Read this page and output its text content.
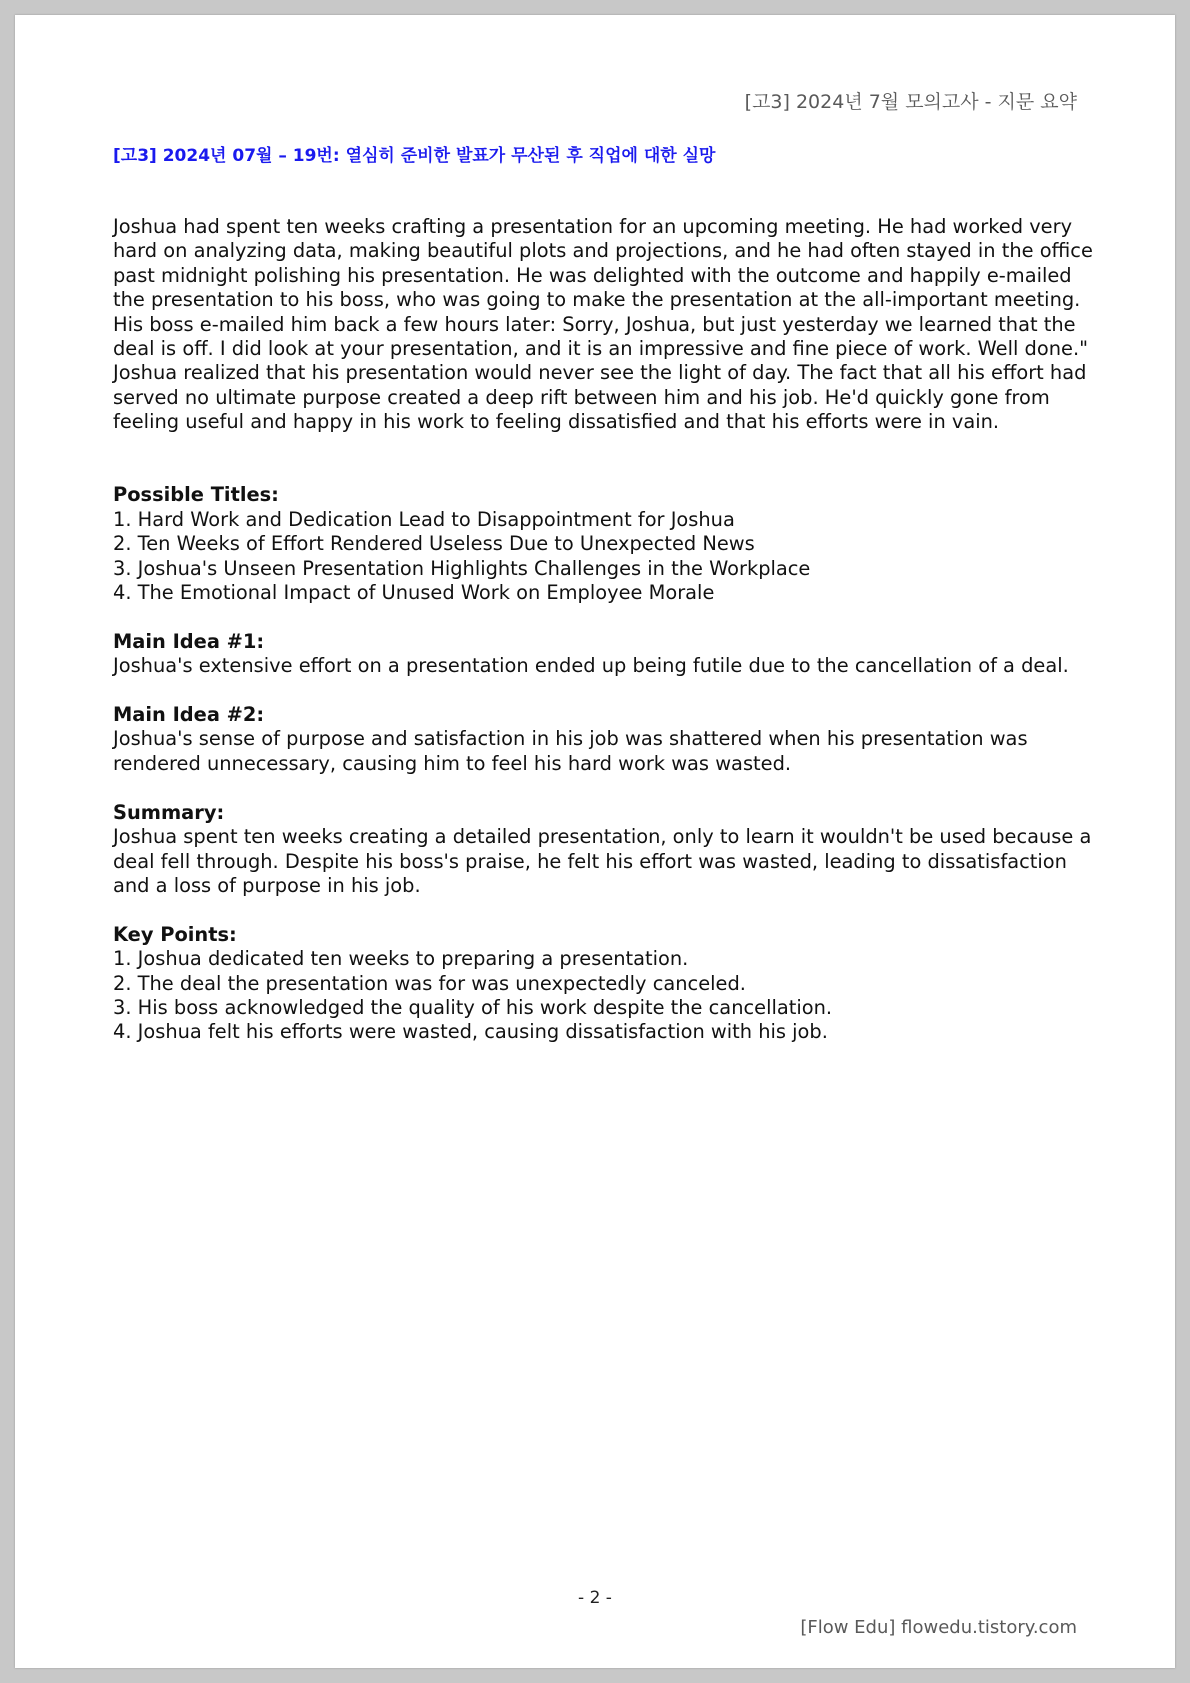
[고3] 2024년 7월 모의고사 - 지문 요약
[고3] 2024년 07월 – 19번: 열심히 준비한 발표가 무산된 후 직업에 대한 실망

Joshua had spent ten weeks crafting a presentation for an upcoming meeting. He had worked very hard on analyzing data, making beautiful plots and projections, and he had often stayed in the office past midnight polishing his presentation. He was delighted with the outcome and happily e-mailed the presentation to his boss, who was going to make the presentation at the all-important meeting. His boss e-mailed him back a few hours later: Sorry, Joshua, but just yesterday we learned that the deal is off. I did look at your presentation, and it is an impressive and fine piece of work. Well done." Joshua realized that his presentation would never see the light of day. The fact that all his effort had served no ultimate purpose created a deep rift between him and his job. He'd quickly gone from feeling useful and happy in his work to feeling dissatisfied and that his efforts were in vain.

Possible Titles:
1. Hard Work and Dedication Lead to Disappointment for Joshua
2. Ten Weeks of Effort Rendered Useless Due to Unexpected News
3. Joshua's Unseen Presentation Highlights Challenges in the Workplace
4. The Emotional Impact of Unused Work on Employee Morale
Main Idea #1:
Joshua's extensive effort on a presentation ended up being futile due to the cancellation of a deal.
Main Idea #2:
Joshua's sense of purpose and satisfaction in his job was shattered when his presentation was rendered unnecessary, causing him to feel his hard work was wasted.
Summary:
Joshua spent ten weeks creating a detailed presentation, only to learn it wouldn't be used because a deal fell through. Despite his boss's praise, he felt his effort was wasted, leading to dissatisfaction and a loss of purpose in his job.
Key Points:
1. Joshua dedicated ten weeks to preparing a presentation.
2. The deal the presentation was for was unexpectedly canceled.
3. His boss acknowledged the quality of his work despite the cancellation.
4. Joshua felt his efforts were wasted, causing dissatisfaction with his job.
- 2 -
[Flow Edu] flowedu.tistory.com
